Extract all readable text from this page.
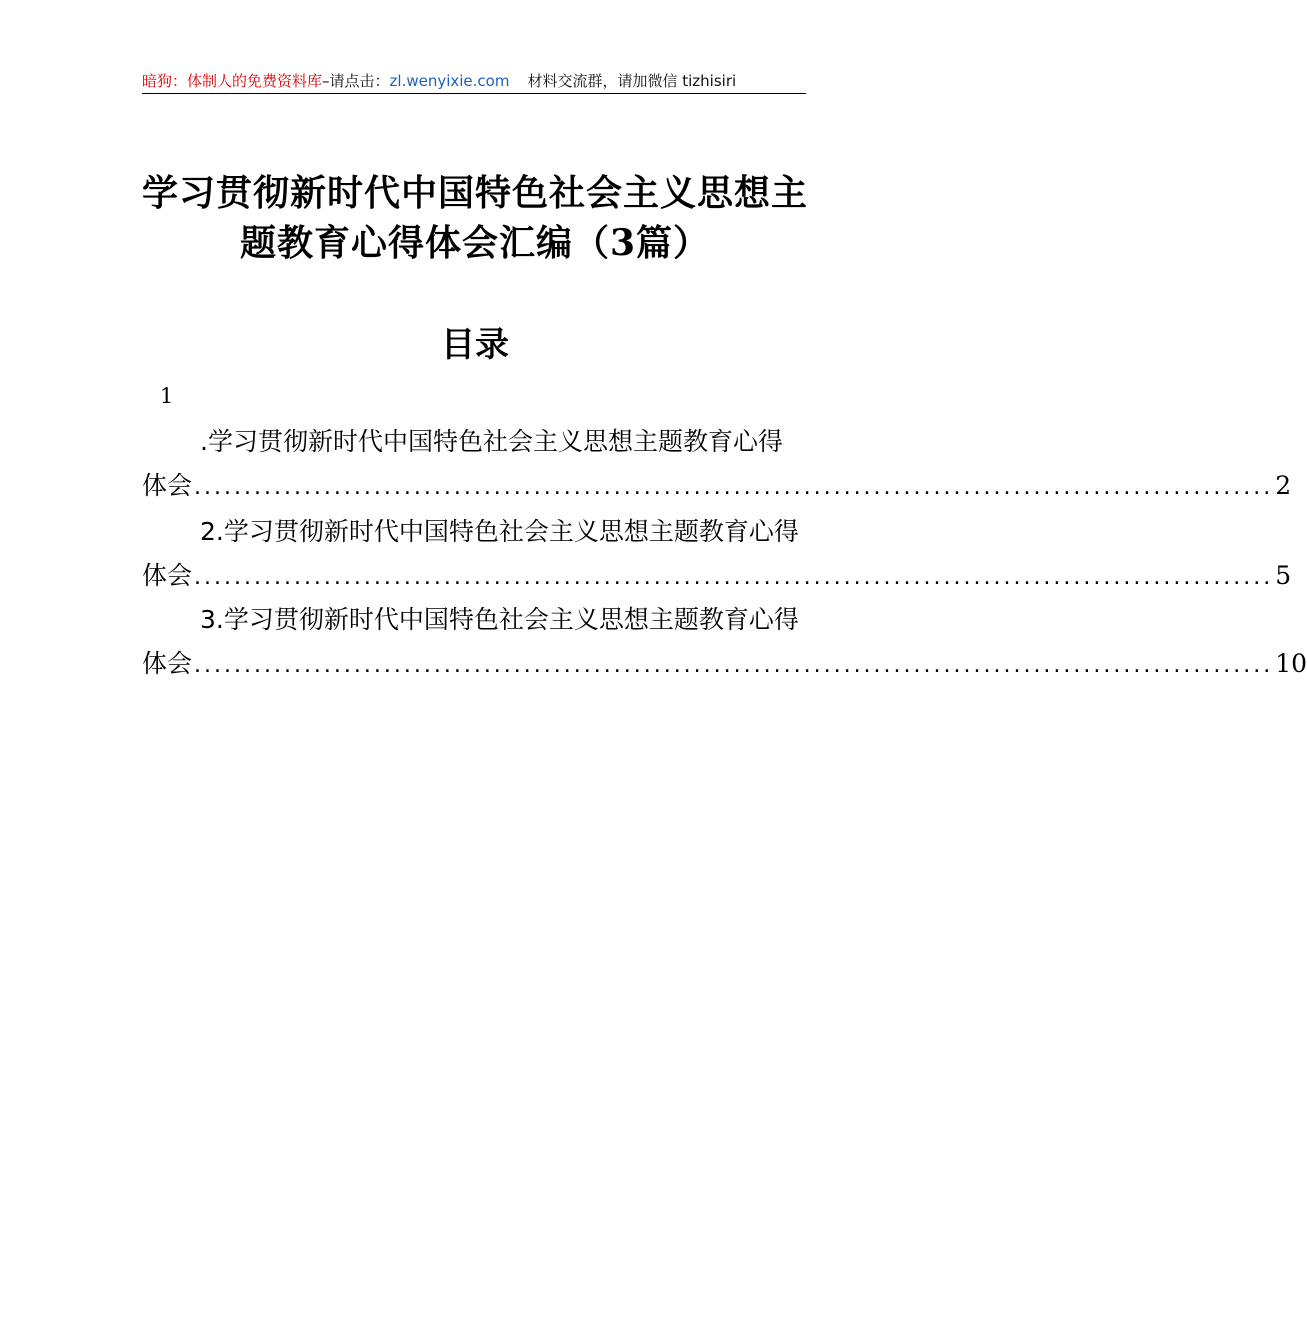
暗狗：体制人的免费资料库–请点击：zl.wenyixie.com 材料交流群，请加微信 tizhisiri
学习贯彻新时代中国特色社会主义思想主
题教育心得体会汇编（3篇）
目录
1
.学习贯彻新时代中国特色社会主义思想主题教育心得
体会 ............................................................................................................ 2
2.学习贯彻新时代中国特色社会主义思想主题教育心得
体会 ............................................................................................................ 5
3.学习贯彻新时代中国特色社会主义思想主题教育心得
体会 ............................................................................................................ 10
